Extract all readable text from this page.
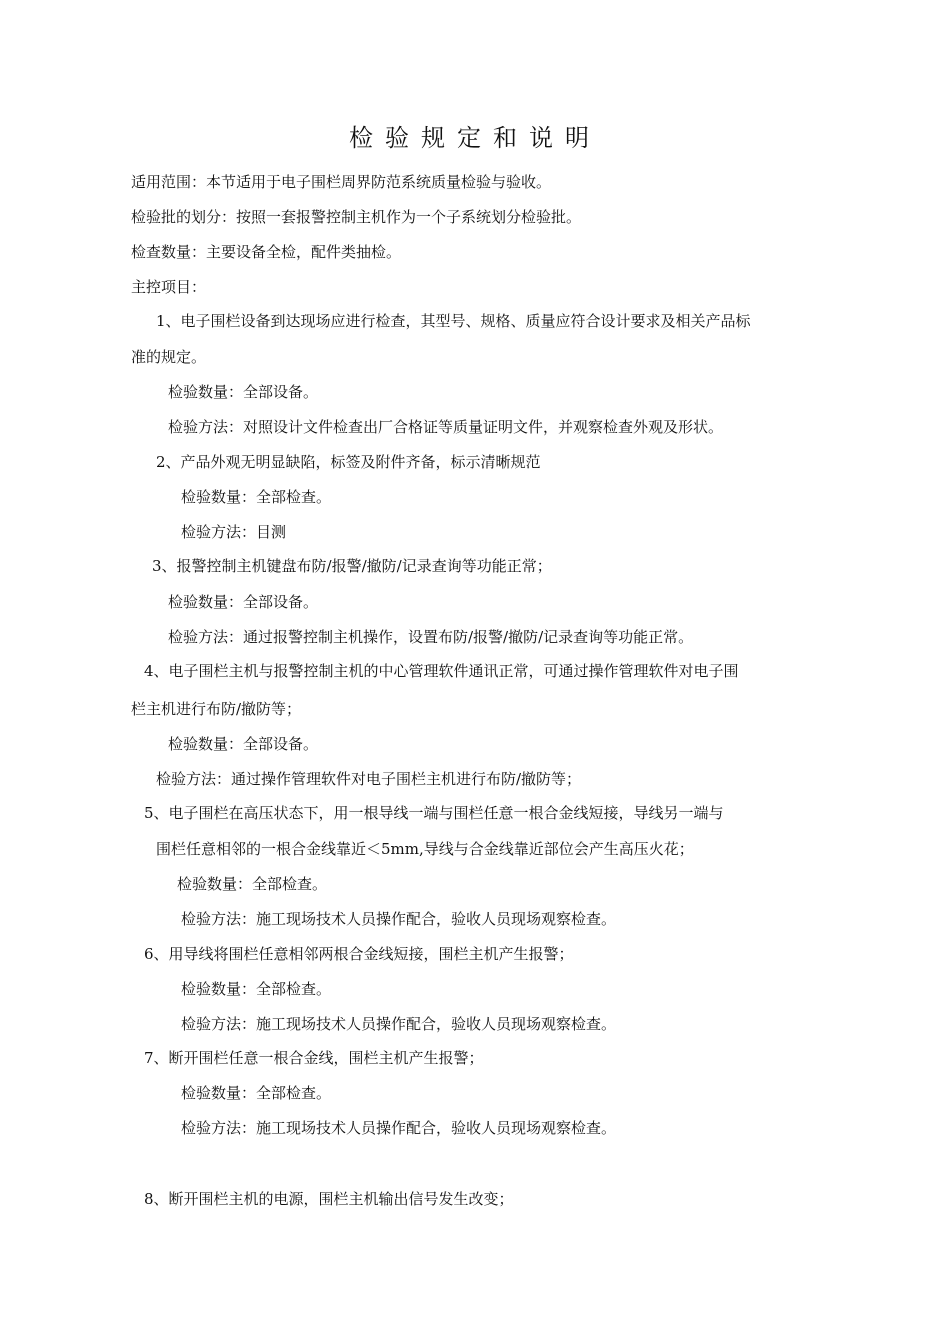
检验规定和说明
适用范围：本节适用于电子围栏周界防范系统质量检验与验收。
检验批的划分：按照一套报警控制主机作为一个子系统划分检验批。
检查数量：主要设备全检，配件类抽检。
主控项目：
1、电子围栏设备到达现场应进行检查，其型号、规格、质量应符合设计要求及相关产品标
准的规定。
检验数量：全部设备。
检验方法：对照设计文件检查出厂合格证等质量证明文件，并观察检查外观及形状。
2、产品外观无明显缺陷，标签及附件齐备，标示清晰规范
检验数量：全部检查。
检验方法：目测
3、报警控制主机键盘布防/报警/撤防/记录查询等功能正常；
检验数量：全部设备。
检验方法：通过报警控制主机操作，设置布防/报警/撤防/记录查询等功能正常。
4、电子围栏主机与报警控制主机的中心管理软件通讯正常，可通过操作管理软件对电子围
栏主机进行布防/撤防等；
检验数量：全部设备。
检验方法：通过操作管理软件对电子围栏主机进行布防/撤防等；
5、电子围栏在高压状态下，用一根导线一端与围栏任意一根合金线短接，导线另一端与
围栏任意相邻的一根合金线靠近＜5mm,导线与合金线靠近部位会产生高压火花；
检验数量：全部检查。
检验方法：施工现场技术人员操作配合，验收人员现场观察检查。
6、用导线将围栏任意相邻两根合金线短接，围栏主机产生报警；
检验数量：全部检查。
检验方法：施工现场技术人员操作配合，验收人员现场观察检查。
7、断开围栏任意一根合金线，围栏主机产生报警；
检验数量：全部检查。
检验方法：施工现场技术人员操作配合，验收人员现场观察检查。
8、断开围栏主机的电源，围栏主机输出信号发生改变；
